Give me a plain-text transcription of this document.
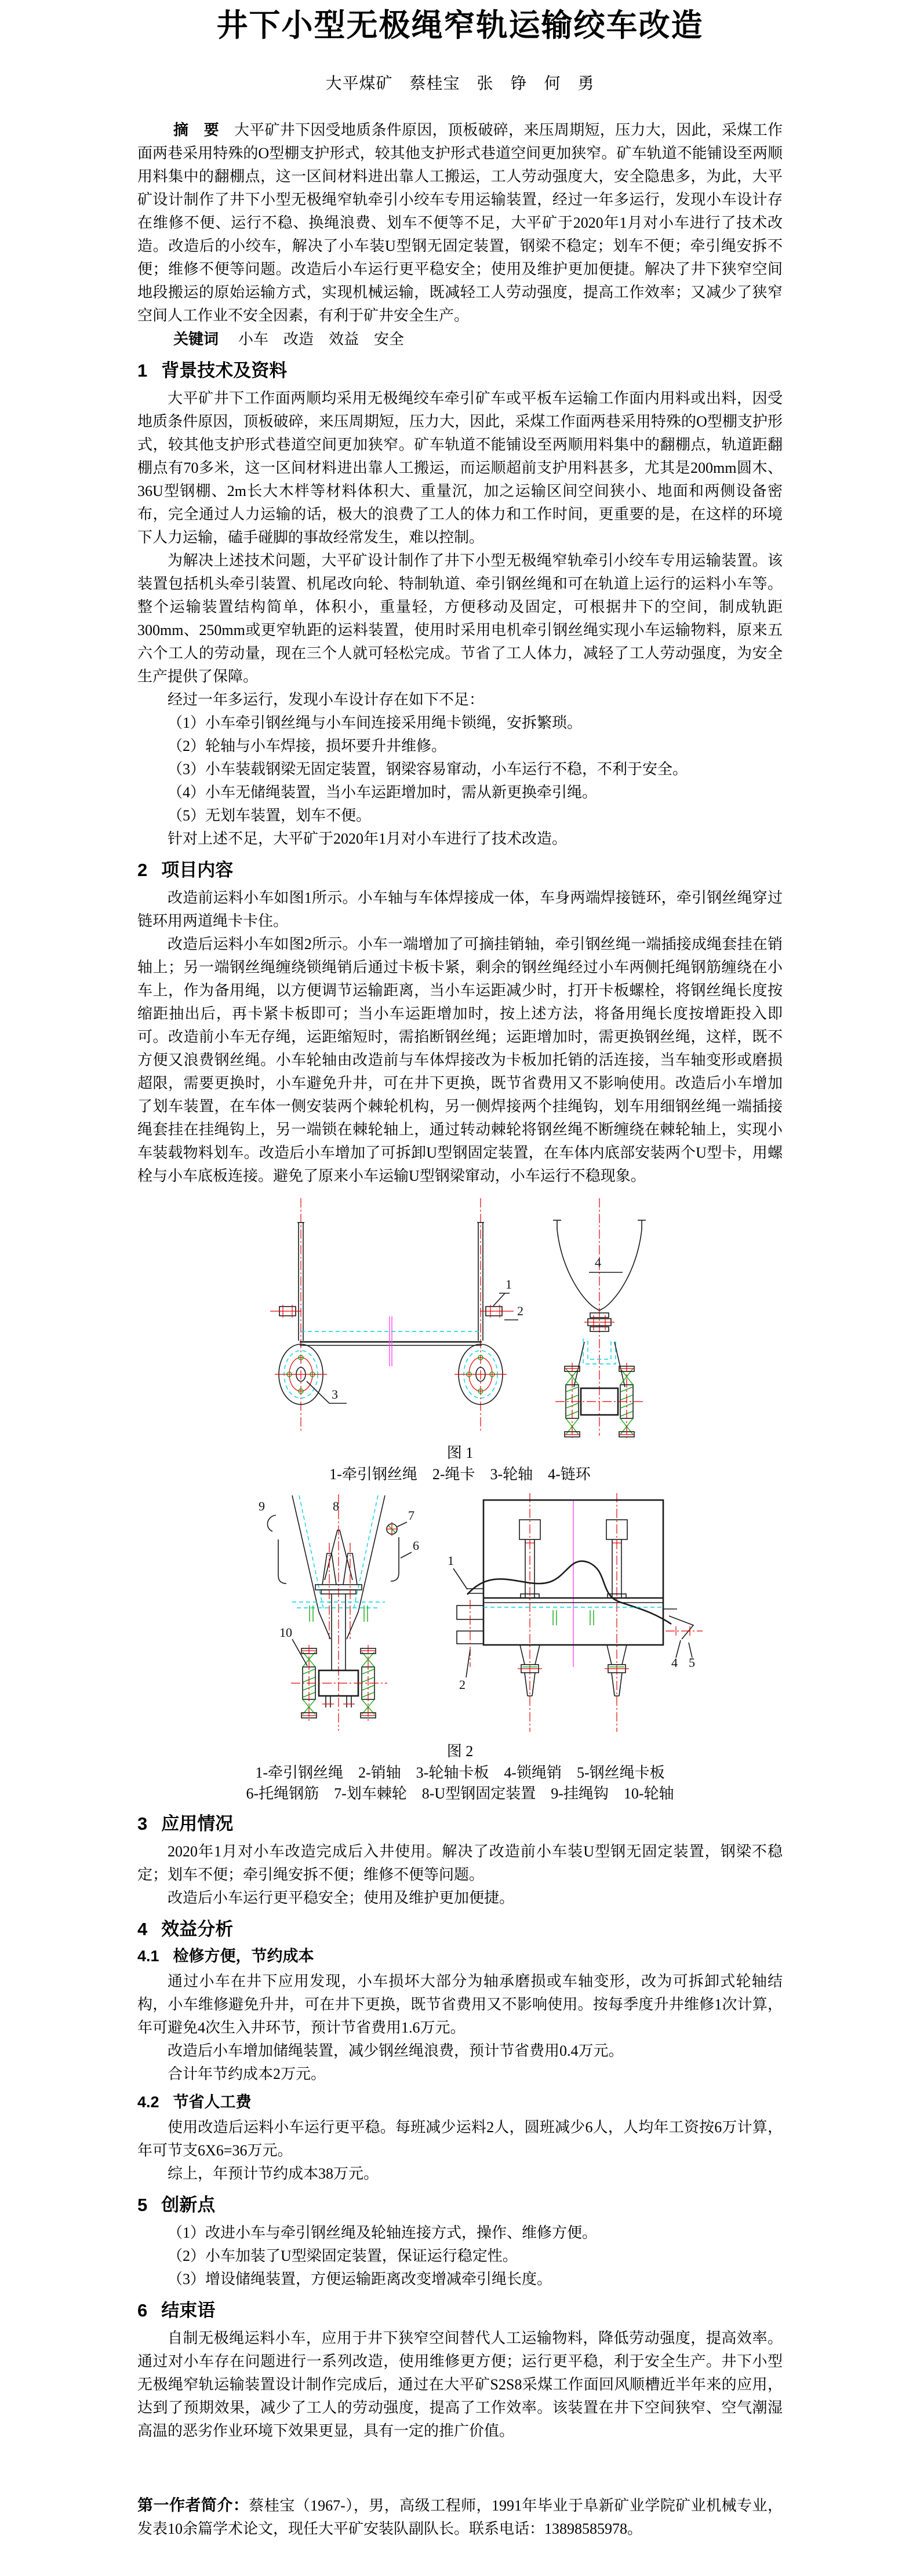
井下小型无极绳窄轨运输绞车改造
大平煤矿　蔡桂宝　张　铮　何　勇

摘　要 大平矿井下因受地质条件原因，顶板破碎，来压周期短，压力大，因此，采煤工作面两巷采用特殊的O型棚支护形式，较其他支护形式巷道空间更加狭窄。矿车轨道不能铺设至两顺用料集中的翻棚点，这一区间材料进出靠人工搬运，工人劳动强度大，安全隐患多，为此，大平矿设计制作了井下小型无极绳窄轨牵引小绞车专用运输装置，经过一年多运行，发现小车设计存在维修不便、运行不稳、换绳浪费、划车不便等不足，大平矿于2020年1月对小车进行了技术改造。改造后的小绞车，解决了小车装U型钢无固定装置，钢梁不稳定；划车不便；牵引绳安拆不便；维修不便等问题。改造后小车运行更平稳安全；使用及维护更加便捷。解决了井下狭窄空间地段搬运的原始运输方式，实现机械运输，既减轻工人劳动强度，提高工作效率；又减少了狭窄空间人工作业不安全因素，有利于矿井安全生产。

关键词 小车　改造　效益　安全

1 背景技术及资料

大平矿井下工作面两顺均采用无极绳绞车牵引矿车或平板车运输工作面内用料或出料，因受地质条件原因，顶板破碎，来压周期短，压力大，因此，采煤工作面两巷采用特殊的O型棚支护形式，较其他支护形式巷道空间更加狭窄。矿车轨道不能铺设至两顺用料集中的翻棚点，轨道距翻棚点有70多米，这一区间材料进出靠人工搬运，而运顺超前支护用料甚多，尤其是200mm圆木、36U型钢棚、2m长大木柈等材料体积大、重量沉，加之运输区间空间狭小、地面和两侧设备密布，完全通过人力运输的话，极大的浪费了工人的体力和工作时间，更重要的是，在这样的环境下人力运输，磕手碰脚的事故经常发生，难以控制。

为解决上述技术问题，大平矿设计制作了井下小型无极绳窄轨牵引小绞车专用运输装置。该装置包括机头牵引装置、机尾改向轮、特制轨道、牵引钢丝绳和可在轨道上运行的运料小车等。整个运输装置结构简单，体积小，重量轻，方便移动及固定，可根据井下的空间，制成轨距300mm、250mm或更窄轨距的运料装置，使用时采用电机牵引钢丝绳实现小车运输物料，原来五六个工人的劳动量，现在三个人就可轻松完成。节省了工人体力，减轻了工人劳动强度，为安全生产提供了保障。

经过一年多运行，发现小车设计存在如下不足：

（1）小车牵引钢丝绳与小车间连接采用绳卡锁绳，安拆繁琐。

（2）轮轴与小车焊接，损坏要升井维修。

（3）小车装载钢梁无固定装置，钢梁容易窜动，小车运行不稳，不利于安全。

（4）小车无储绳装置，当小车运距增加时，需从新更换牵引绳。

（5）无划车装置，划车不便。

针对上述不足，大平矿于2020年1月对小车进行了技术改造。

2 项目内容

改造前运料小车如图1所示。小车轴与车体焊接成一体，车身两端焊接链环，牵引钢丝绳穿过链环用两道绳卡卡住。

改造后运料小车如图2所示。小车一端增加了可摘挂销轴，牵引钢丝绳一端插接成绳套挂在销轴上；另一端钢丝绳缠绕锁绳销后通过卡板卡紧，剩余的钢丝绳经过小车两侧托绳钢筋缠绕在小车上，作为备用绳，以方便调节运输距离，当小车运距减少时，打开卡板螺栓，将钢丝绳长度按缩距抽出后，再卡紧卡板即可；当小车运距增加时，按上述方法，将备用绳长度按增距投入即可。改造前小车无存绳，运距缩短时，需掐断钢丝绳；运距增加时，需更换钢丝绳，这样，既不方便又浪费钢丝绳。小车轮轴由改造前与车体焊接改为卡板加托销的活连接，当车轴变形或磨损超限，需要更换时，小车避免升井，可在井下更换，既节省费用又不影响使用。改造后小车增加了划车装置，在车体一侧安装两个棘轮机构，另一侧焊接两个挂绳钩，划车用细钢丝绳一端插接绳套挂在挂绳钩上，另一端锁在棘轮轴上，通过转动棘轮将钢丝绳不断缠绕在棘轮轴上，实现小车装载物料划车。改造后小车增加了可拆卸U型钢固定装置，在车体内底部安装两个U型卡，用螺栓与小车底板连接。避免了原来小车运输U型钢梁窜动，小车运行不稳现象。

1
2
3
4
图 1
1-牵引钢丝绳　2-绳卡　3-轮轴　4-链环
9	8
7
6
10
1
2
4 5
图 2
1-牵引钢丝绳　2-销轴　3-轮轴卡板　4-锁绳销　5-钢丝绳卡板
6-托绳钢筋　7-划车棘轮　8-U型钢固定装置　9-挂绳钩　10-轮轴
3 应用情况

2020年1月对小车改造完成后入井使用。解决了改造前小车装U型钢无固定装置，钢梁不稳定；划车不便；牵引绳安拆不便；维修不便等问题。

改造后小车运行更平稳安全；使用及维护更加便捷。

4 效益分析
4.1 检修方便，节约成本

通过小车在井下应用发现，小车损坏大部分为轴承磨损或车轴变形，改为可拆卸式轮轴结构，小车维修避免升井，可在井下更换，既节省费用又不影响使用。按每季度升井维修1次计算，年可避免4次生入井环节，预计节省费用1.6万元。

改造后小车增加储绳装置，减少钢丝绳浪费，预计节省费用0.4万元。

合计年节约成本2万元。

4.2 节省人工费

使用改造后运料小车运行更平稳。每班减少运料2人，圆班减少6人，人均年工资按6万计算，年可节支6X6=36万元。

综上，年预计节约成本38万元。

5 创新点

（1）改进小车与牵引钢丝绳及轮轴连接方式，操作、维修方便。

（2）小车加装了U型梁固定装置，保证运行稳定性。

（3）增设储绳装置，方便运输距离改变增减牵引绳长度。

6 结束语

自制无极绳运料小车，应用于井下狭窄空间替代人工运输物料，降低劳动强度，提高效率。通过对小车存在问题进行一系列改造，使用维修更方便；运行更平稳，利于安全生产。井下小型无极绳窄轨运输装置设计制作完成后，通过在大平矿S2S8采煤工作面回风顺槽近半年来的应用，达到了预期效果，减少了工人的劳动强度，提高了工作效率。该装置在井下空间狭窄、空气潮湿高温的恶劣作业环境下效果更显，具有一定的推广价值。

第一作者简介：蔡桂宝（1967-），男，高级工程师，1991年毕业于阜新矿业学院矿业机械专业，发表10余篇学术论文，现任大平矿安装队副队长。联系电话：13898585978。
